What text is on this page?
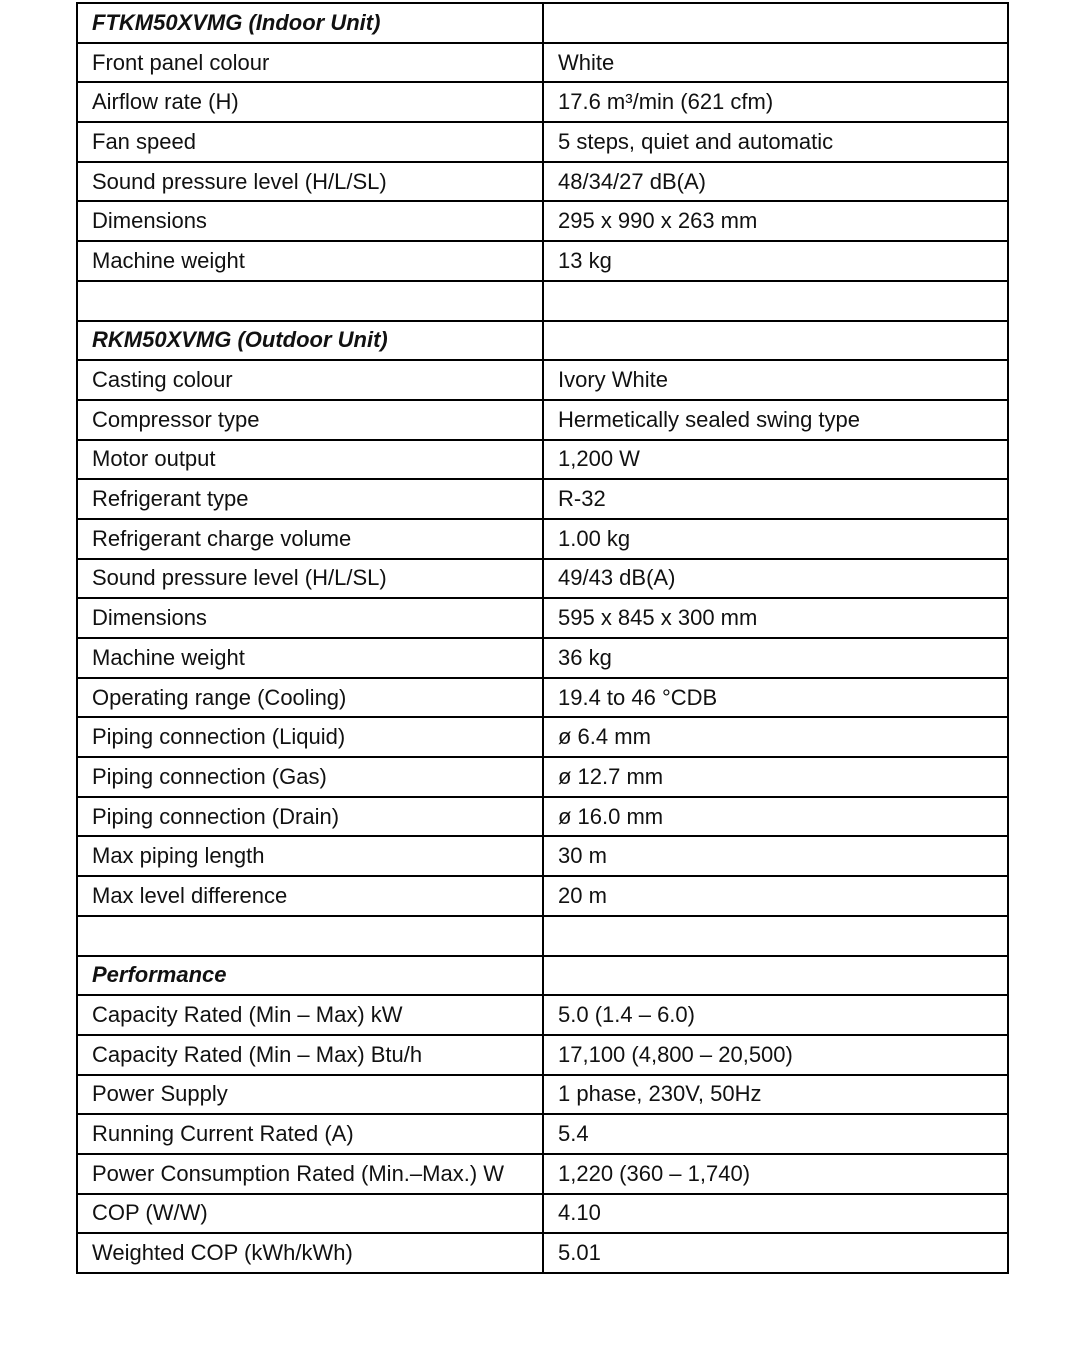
FTKM50XVMG (Indoor Unit)	
Front panel colour	White
Airflow rate (H)	17.6 m³/min (621 cfm)
Fan speed	5 steps, quiet and automatic
Sound pressure level (H/L/SL)	48/34/27 dB(A)
Dimensions	295 x 990 x 263 mm
Machine weight	13 kg

RKM50XVMG (Outdoor Unit)	
Casting colour	Ivory White
Compressor type	Hermetically sealed swing type
Motor output	1,200 W
Refrigerant type	R-32
Refrigerant charge volume	1.00 kg
Sound pressure level (H/L/SL)	49/43 dB(A)
Dimensions	595 x 845 x 300 mm
Machine weight	36 kg
Operating range (Cooling)	19.4 to 46 °CDB
Piping connection (Liquid)	ø 6.4 mm
Piping connection (Gas)	ø 12.7 mm
Piping connection (Drain)	ø 16.0 mm
Max piping length	30 m
Max level difference	20 m

Performance	
Capacity Rated (Min – Max) kW	5.0 (1.4 – 6.0)
Capacity Rated (Min – Max) Btu/h	17,100 (4,800 – 20,500)
Power Supply	1 phase, 230V, 50Hz
Running Current Rated (A)	5.4
Power Consumption Rated (Min.–Max.) W	1,220 (360 – 1,740)
COP (W/W)	4.10
Weighted COP (kWh/kWh)	5.01
